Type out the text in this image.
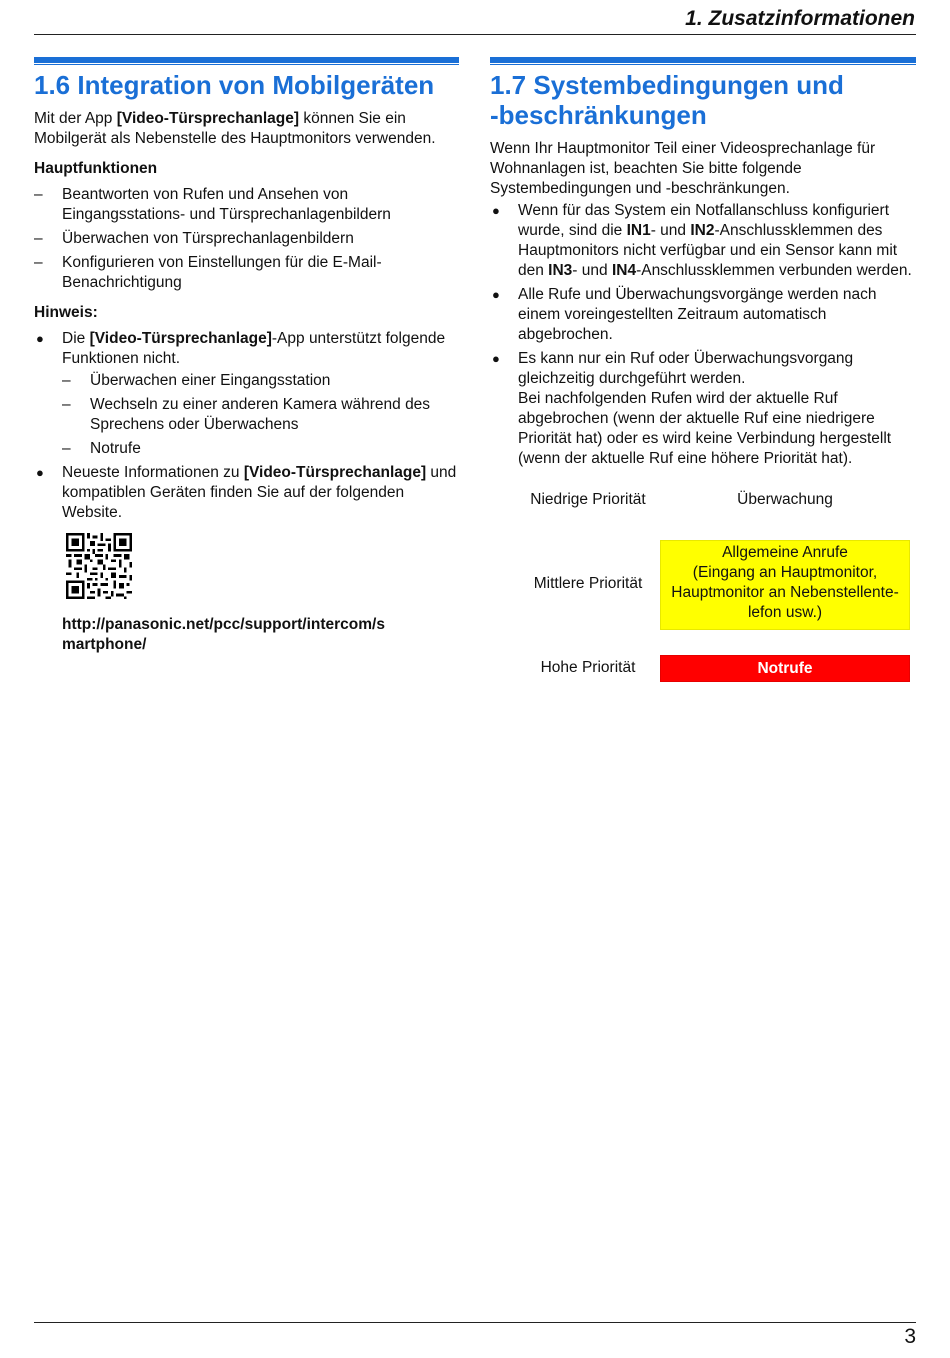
1. Zusatzinformationen
1.6 Integration von Mobilgeräten

Mit der App [Video-Türsprechanlage] können Sie ein Mobilgerät als Nebenstelle des Hauptmonitors verwenden.

Hauptfunktionen

– Beantworten von Rufen und Ansehen von Eingangsstations- und Türsprechanlagenbildern
– Überwachen von Türsprechanlagenbildern
– Konfigurieren von Einstellungen für die E-Mail-Benachrichtigung

Hinweis:

● Die [Video-Türsprechanlage]-App unterstützt folgende Funktionen nicht.
– Überwachen einer Eingangsstation
– Wechseln zu einer anderen Kamera während des Sprechens oder Überwachens
– Notrufe
● Neueste Informationen zu [Video-Türsprechanlage] und kompatiblen Geräten finden Sie auf der folgenden Website.
http://panasonic.net/pcc/support/intercom/smartphone/
1.7 Systembedingungen und -beschränkungen

Wenn Ihr Hauptmonitor Teil einer Videosprechanlage für Wohnanlagen ist, beachten Sie bitte folgende Systembedingungen und -beschränkungen.

● Wenn für das System ein Notfallanschluss konfiguriert wurde, sind die IN1- und IN2-Anschlussklemmen des Hauptmonitors nicht verfügbar und ein Sensor kann mit den IN3- und IN4-Anschlussklemmen verbunden werden.
● Alle Rufe und Überwachungsvorgänge werden nach einem voreingestellten Zeitraum automatisch abgebrochen.
● Es kann nur ein Ruf oder Überwachungsvorgang gleichzeitig durchgeführt werden.
Bei nachfolgenden Rufen wird der aktuelle Ruf abgebrochen (wenn der aktuelle Ruf eine niedrigere Priorität hat) oder es wird keine Verbindung hergestellt (wenn der aktuelle Ruf eine höhere Priorität hat).
Niedrige Priorität	Überwachung
Mittlere Priorität
Allgemeine Anrufe
(Eingang an Hauptmonitor, Hauptmonitor an Nebenstellente-lefon usw.)
Hohe Priorität	Notrufe
3
